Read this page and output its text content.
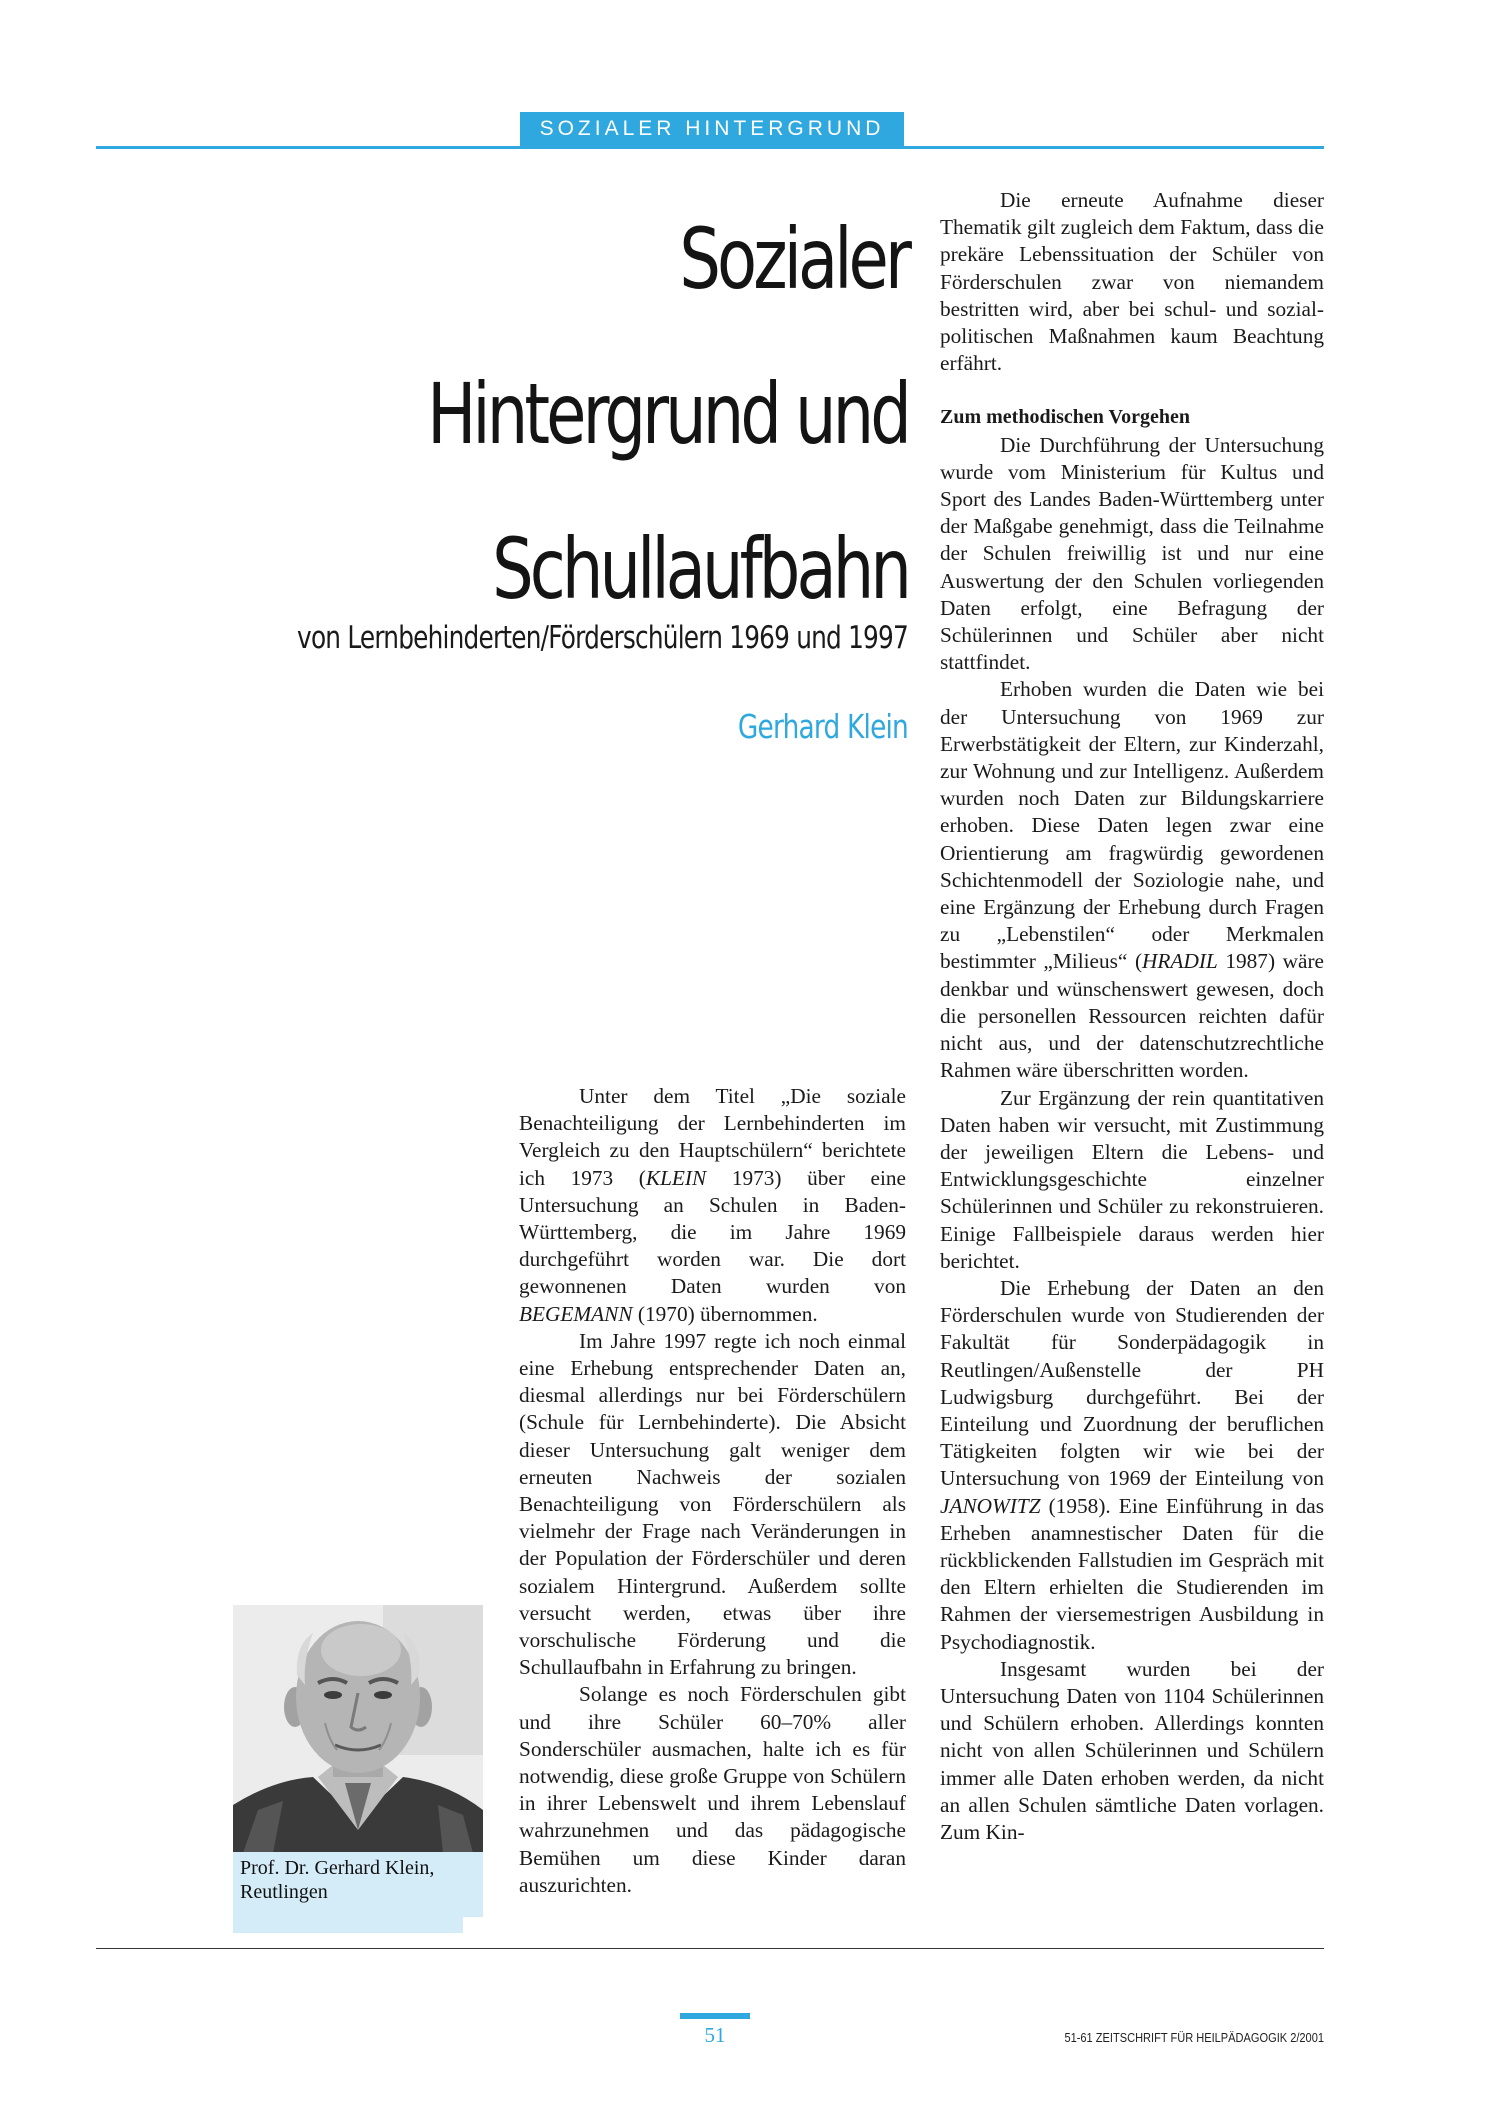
SOZIALER HINTERGRUND
Sozialer
Hintergrund und
Schullaufbahn
von Lernbehinderten/Förderschülern 1969 und 1997
Gerhard Klein
Prof. Dr. Gerhard Klein,
Reutlingen

Unter dem Titel „Die soziale Benachteiligung der Lernbehinderten im Vergleich zu den Hauptschülern“ berichtete ich 1973 (KLEIN 1973) über eine Untersuchung an Schulen in Baden-Württemberg, die im Jahre 1969 durchgeführt worden war. Die dort gewonnenen Daten wurden von BEGEMANN (1970) übernommen.

Im Jahre 1997 regte ich noch einmal eine Erhebung entsprechender Daten an, diesmal allerdings nur bei Förderschülern (Schule für Lernbehinderte). Die Absicht dieser Untersuchung galt weniger dem erneuten Nachweis der sozialen Benachteiligung von Förderschülern als vielmehr der Frage nach Veränderungen in der Population der Förderschüler und deren sozialem Hintergrund. Außerdem sollte versucht werden, etwas über ihre vorschulische Förderung und die Schullaufbahn in Erfahrung zu bringen.

Solange es noch Förderschulen gibt und ihre Schüler 60–70% aller Sonderschüler ausmachen, halte ich es für notwendig, diese große Gruppe von Schülern in ihrer Lebenswelt und ihrem Lebenslauf wahrzunehmen und das pädagogische Bemühen um diese Kinder daran auszurichten.

Die erneute Aufnahme dieser Thematik gilt zugleich dem Faktum, dass die prekäre Lebenssituation der Schüler von Förderschulen zwar von niemandem bestritten wird, aber bei schul- und sozial-politischen Maßnahmen kaum Beachtung erfährt.

Zum methodischen Vorgehen

Die Durchführung der Untersuchung wurde vom Ministerium für Kultus und Sport des Landes Baden-Württemberg unter der Maßgabe genehmigt, dass die Teilnahme der Schulen freiwillig ist und nur eine Auswertung der den Schulen vorliegenden Daten erfolgt, eine Befragung der Schülerinnen und Schüler aber nicht stattfindet.

Erhoben wurden die Daten wie bei der Untersuchung von 1969 zur Erwerbstätigkeit der Eltern, zur Kinderzahl, zur Wohnung und zur Intelligenz. Außerdem wurden noch Daten zur Bildungskarriere erhoben. Diese Daten legen zwar eine Orientierung am fragwürdig gewordenen Schichtenmodell der Soziologie nahe, und eine Ergänzung der Erhebung durch Fragen zu „Lebenstilen“ oder Merkmalen bestimmter „Milieus“ (HRADIL 1987) wäre denkbar und wünschenswert gewesen, doch die personellen Ressourcen reichten dafür nicht aus, und der datenschutzrechtliche Rahmen wäre überschritten worden.

Zur Ergänzung der rein quantitativen Daten haben wir versucht, mit Zustimmung der jeweiligen Eltern die Lebens- und Entwicklungsgeschichte einzelner Schülerinnen und Schüler zu rekonstruieren. Einige Fallbeispiele daraus werden hier berichtet.

Die Erhebung der Daten an den Förderschulen wurde von Studierenden der Fakultät für Sonderpädagogik in Reutlingen/Außenstelle der PH Ludwigsburg durchgeführt. Bei der Einteilung und Zuordnung der beruflichen Tätigkeiten folgten wir wie bei der Untersuchung von 1969 der Einteilung von JANOWITZ (1958). Eine Einführung in das Erheben anamnestischer Daten für die rückblickenden Fallstudien im Gespräch mit den Eltern erhielten die Studierenden im Rahmen der viersemestrigen Ausbildung in Psychodiagnostik.

Insgesamt wurden bei der Untersuchung Daten von 1104 Schülerinnen und Schülern erhoben. Allerdings konnten nicht von allen Schülerinnen und Schülern immer alle Daten erhoben werden, da nicht an allen Schulen sämtliche Daten vorlagen. Zum Kin-

51	51-61 ZEITSCHRIFT FÜR HEILPÄDAGOGIK 2/2001
